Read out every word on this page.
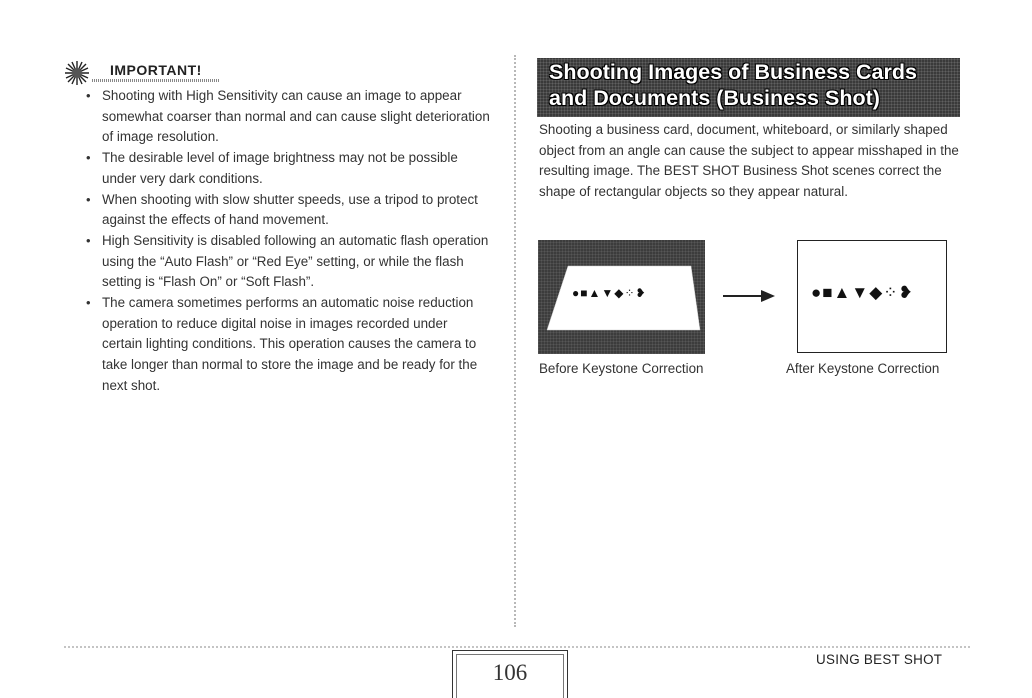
IMPORTANT!
• Shooting with High Sensitivity can cause an image to appear somewhat coarser than normal and can cause slight deterioration of image resolution.
• The desirable level of image brightness may not be possible under very dark conditions.
• When shooting with slow shutter speeds, use a tripod to protect against the effects of hand movement.
• High Sensitivity is disabled following an automatic flash operation using the “Auto Flash” or “Red Eye” setting, or while the flash setting is “Flash On” or “Soft Flash”.
• The camera sometimes performs an automatic noise reduction operation to reduce digital noise in images recorded under certain lighting conditions. This operation causes the camera to take longer than normal to store the image and be ready for the next shot.
Shooting Images of Business Cards
and Documents (Business Shot)
Shooting a business card, document, whiteboard, or similarly shaped object from an angle can cause the subject to appear misshaped in the resulting image. The BEST SHOT Business Shot scenes correct the shape of rectangular objects so they appear natural.
●■▲▼◆⁘❥	●■▲▼◆⁘❥
Before Keystone Correction	After Keystone Correction
106
USING BEST SHOT
